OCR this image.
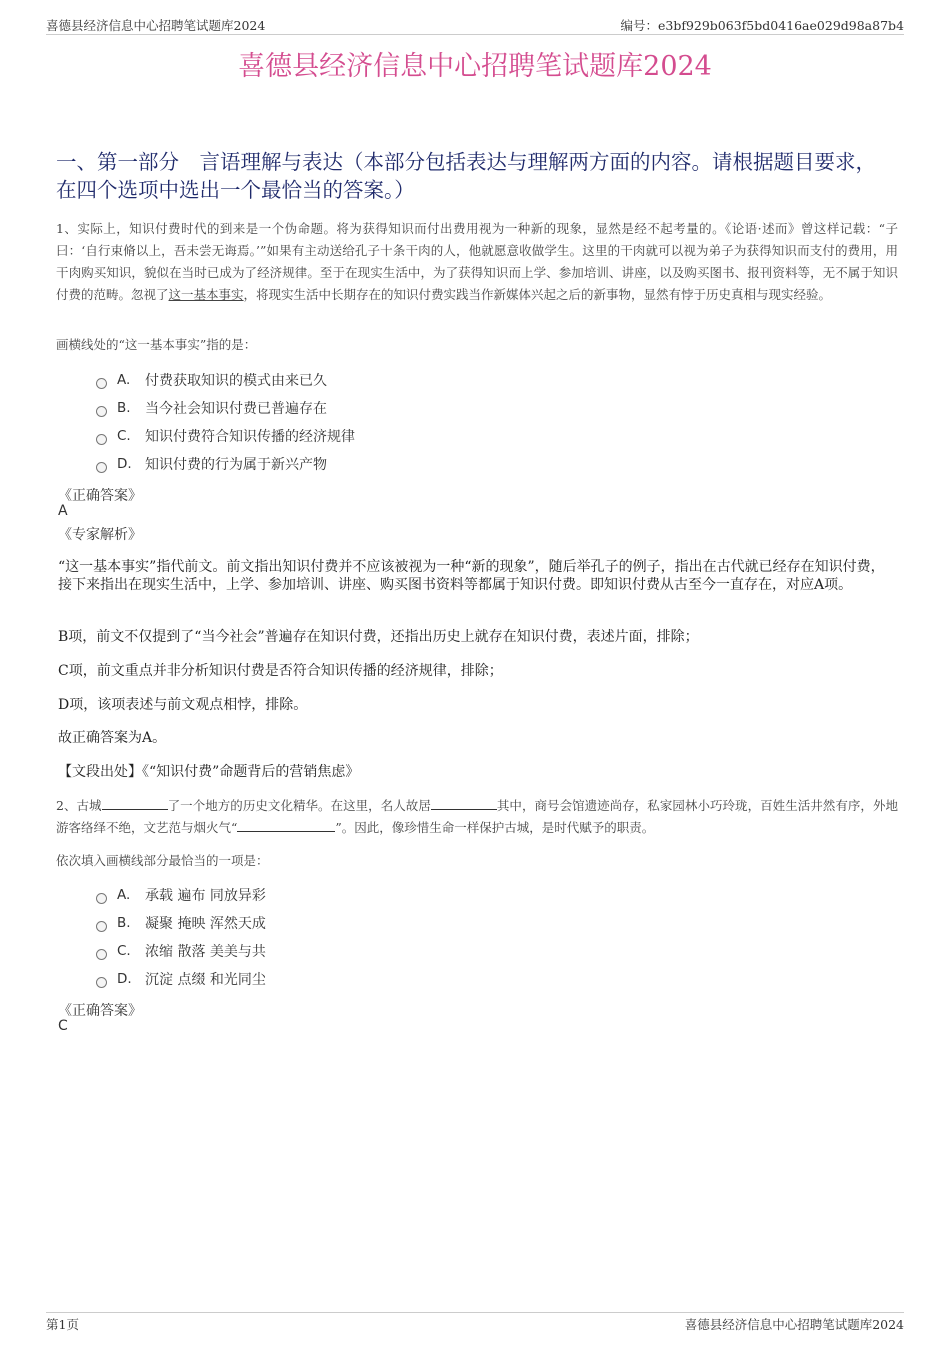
喜德县经济信息中心招聘笔试题库2024	编号：e3bf929b063f5bd0416ae029d98a87b4
喜德县经济信息中心招聘笔试题库2024
一、第一部分　言语理解与表达（本部分包括表达与理解两方面的内容。请根据题目要求，在四个选项中选出一个最恰当的答案。）
1、实际上，知识付费时代的到来是一个伪命题。将为获得知识而付出费用视为一种新的现象，显然是经不起考量的。《论语·述而》曾这样记载：“子曰：‘自行束脩以上，吾未尝无诲焉。’”如果有主动送给孔子十条干肉的人，他就愿意收做学生。这里的干肉就可以视为弟子为获得知识而支付的费用，用干肉购买知识，貌似在当时已成为了经济规律。至于在现实生活中，为了获得知识而上学、参加培训、讲座，以及购买图书、报刊资料等，无不属于知识付费的范畴。忽视了这一基本事实，将现实生活中长期存在的知识付费实践当作新媒体兴起之后的新事物，显然有悖于历史真相与现实经验。
画横线处的“这一基本事实”指的是：
A.	付费获取知识的模式由来已久
B.	当今社会知识付费已普遍存在
C.	知识付费符合知识传播的经济规律
D. 知识付费的行为属于新兴产物
《正确答案》
A
《专家解析》
“这一基本事实”指代前文。前文指出知识付费并不应该被视为一种“新的现象”，随后举孔子的例子，指出在古代就已经存在知识付费，接下来指出在现实生活中，上学、参加培训、讲座、购买图书资料等都属于知识付费。即知识付费从古至今一直存在，对应A项。
B项，前文不仅提到了“当今社会”普遍存在知识付费，还指出历史上就存在知识付费，表述片面，排除；
C项，前文重点并非分析知识付费是否符合知识传播的经济规律，排除；
D项，该项表述与前文观点相悖，排除。
故正确答案为A。
【文段出处】《“知识付费”命题背后的营销焦虑》
2、古城	了一个地方的历史文化精华。在这里，名人故居	其中，商号会馆遗迹尚存，私家园林小巧玲珑，百姓生活井然有序，外地游客络绎不绝，文艺范与烟火气“	”。因此，像珍惜生命一样保护古城，是时代赋予的职责。
依次填入画横线部分最恰当的一项是：
A.	承载 遍布 同放异彩
B.	凝聚 掩映 浑然天成
C.	浓缩 散落 美美与共
D. 沉淀 点缀 和光同尘
《正确答案》
C
第1页	喜德县经济信息中心招聘笔试题库2024
